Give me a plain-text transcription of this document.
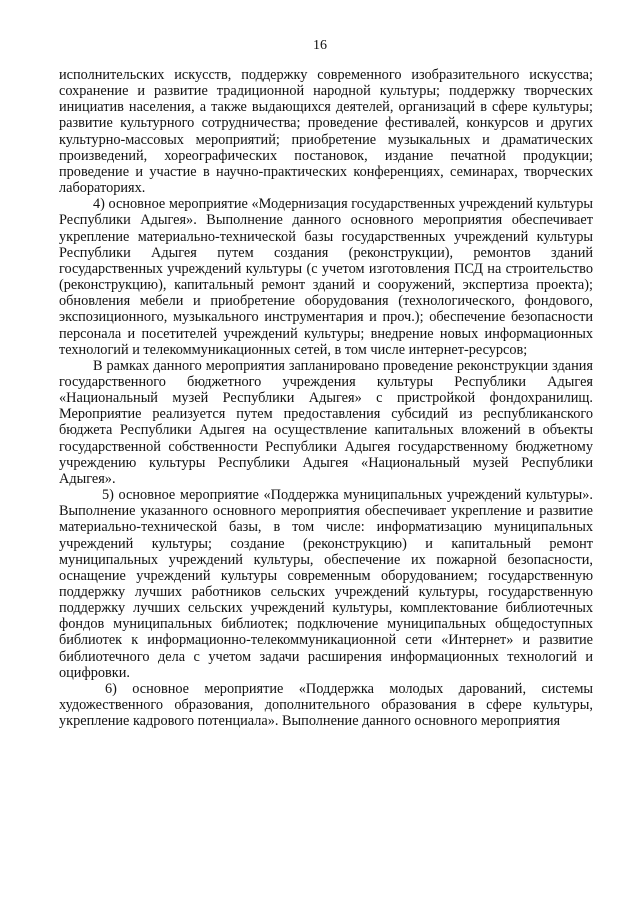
16

исполнительских искусств, поддержку современного изобразительного искусства; сохранение и развитие традиционной народной культуры; поддержку творческих инициатив населения, а также выдающихся деятелей, организаций в сфере культуры; развитие культурного сотрудничества; проведение фестивалей, конкурсов и других культурно-массовых мероприятий; приобретение музыкальных и драматических произведений, хореографических постановок, издание печатной продукции; проведение и участие в научно-практических конференциях, семинарах, творческих лабораториях.

4) основное мероприятие «Модернизация государственных учреждений культуры Республики Адыгея». Выполнение данного основного мероприятия обеспечивает укрепление материально-технической базы государственных учреждений культуры Республики Адыгея путем создания (реконструкции), ремонтов зданий государственных учреждений культуры (с учетом изготовления ПСД на строительство (реконструкцию), капитальный ремонт зданий и сооружений, экспертиза проекта); обновления мебели и приобретение оборудования (технологического, фондового, экспозиционного, музыкального инструментария и проч.); обеспечение безопасности персонала и посетителей учреждений культуры; внедрение новых информационных технологий и телекоммуникационных сетей, в том числе интернет-ресурсов;

В рамках данного мероприятия запланировано проведение реконструкции здания государственного бюджетного учреждения культуры Республики Адыгея «Национальный музей Республики Адыгея» с пристройкой фондохранилищ. Мероприятие реализуется путем предоставления субсидий из республиканского бюджета Республики Адыгея на осуществление капитальных вложений в объекты государственной собственности Республики Адыгея государственному бюджетному учреждению культуры Республики Адыгея «Национальный музей Республики Адыгея».

5) основное мероприятие «Поддержка муниципальных учреждений культуры». Выполнение указанного основного мероприятия обеспечивает укрепление и развитие материально-технической базы, в том числе: информатизацию муниципальных учреждений культуры; создание (реконструкцию) и капитальный ремонт муниципальных учреждений культуры, обеспечение их пожарной безопасности, оснащение учреждений культуры современным оборудованием; государственную поддержку лучших работников сельских учреждений культуры, государственную поддержку лучших сельских учреждений культуры, комплектование библиотечных фондов муниципальных библиотек; подключение муниципальных общедоступных библиотек к информационно-телекоммуникационной сети «Интернет» и развитие библиотечного дела с учетом задачи расширения информационных технологий и оцифровки.

6) основное мероприятие «Поддержка молодых дарований, системы художественного образования, дополнительного образования в сфере культуры, укрепление кадрового потенциала». Выполнение данного основного мероприятия
